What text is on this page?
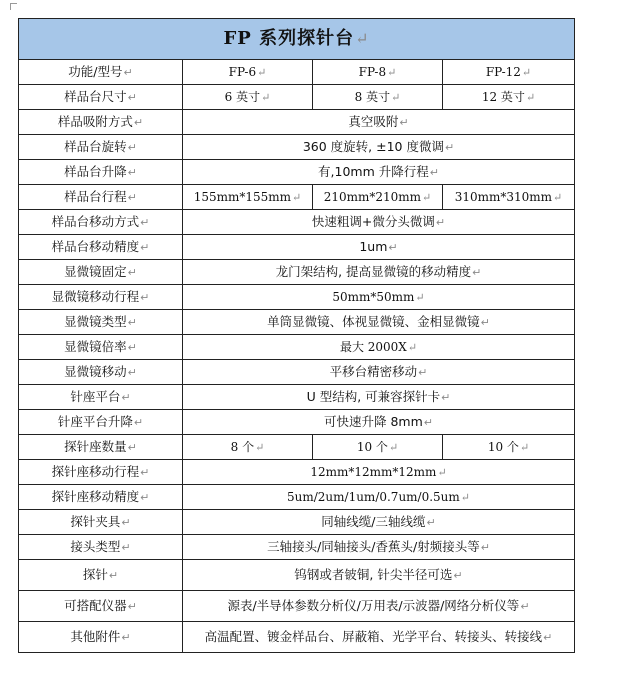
FP 系列探针台↵			
功能/型号↵	FP-6↵	FP-8↵	FP-12↵
样品台尺寸↵	6 英寸↵	8 英寸↵	12 英寸↵
样品吸附方式↵	真空吸附↵		
样品台旋转↵	360 度旋转, ±10 度微调↵		
样品台升降↵	有,10mm 升降行程↵		
样品台行程↵	155mm*155mm↵	210mm*210mm↵	310mm*310mm↵
样品台移动方式↵	快速粗调+微分头微调↵		
样品台移动精度↵	1um↵		
显微镜固定↵	龙门架结构, 提高显微镜的移动精度↵		
显微镜移动行程↵	50mm*50mm↵		
显微镜类型↵	单筒显微镜、体视显微镜、金相显微镜↵		
显微镜倍率↵	最大 2000X↵		
显微镜移动↵	平移台精密移动↵		
针座平台↵	U 型结构, 可兼容探针卡↵		
针座平台升降↵	可快速升降 8mm↵		
探针座数量↵	8 个↵	10 个↵	10 个↵
探针座移动行程↵	12mm*12mm*12mm↵		
探针座移动精度↵	5um/2um/1um/0.7um/0.5um↵		
探针夹具↵	同轴线缆/三轴线缆↵		
接头类型↵	三轴接头/同轴接头/香蕉头/射频接头等↵		
探针↵	钨钢或者铍铜, 针尖半径可选↵		
可搭配仪器↵	源表/半导体参数分析仪/万用表/示波器/网络分析仪等↵		
其他附件↵	高温配置、镀金样品台、屏蔽箱、光学平台、转接头、转接线↵		
